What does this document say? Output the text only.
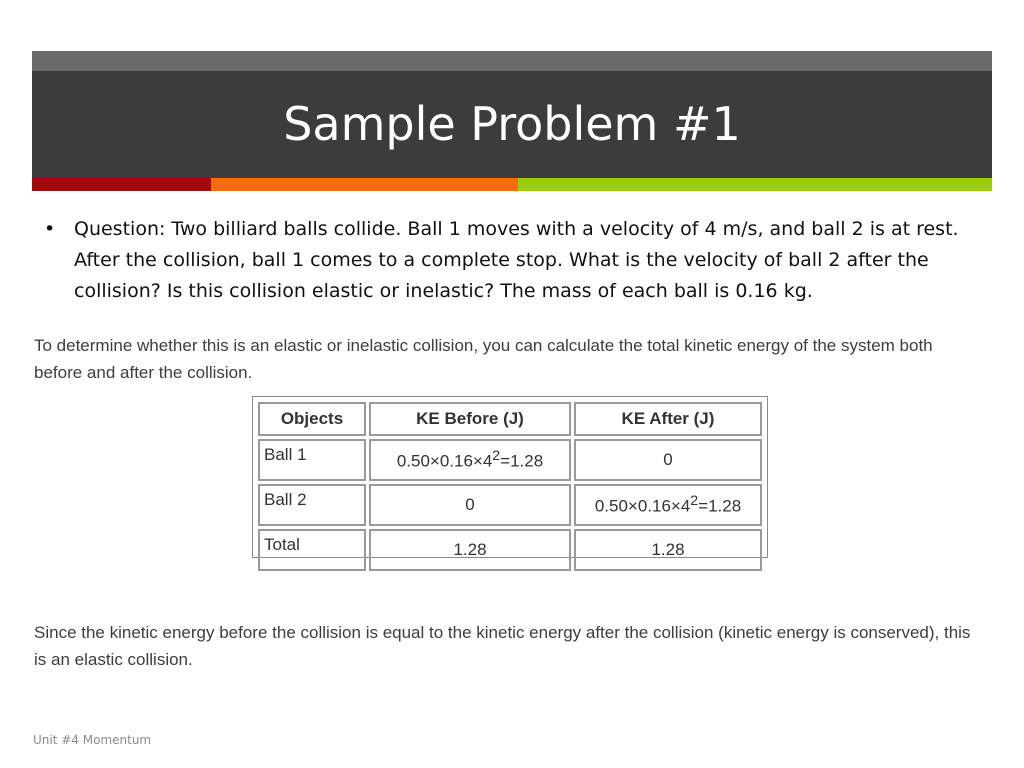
Sample Problem #1
• Question: Two billiard balls collide. Ball 1 moves with a velocity of 4 m/s, and ball 2 is at rest. After the collision, ball 1 comes to a complete stop. What is the velocity of ball 2 after the collision? Is this collision elastic or inelastic? The mass of each ball is 0.16 kg.
To determine whether this is an elastic or inelastic collision, you can calculate the total kinetic energy of the system both before and after the collision.
Objects	KE Before (J)	KE After (J)
Ball 1	$0.50\times 0.16\times 4^2=1.28$	0
Ball 2	0	$0.50\times 0.16\times 4^2=1.28$
Total	1.28	1.28
Since the kinetic energy before the collision is equal to the kinetic energy after the collision (kinetic energy is conserved), this is an elastic collision.
Unit #4 Momentum
